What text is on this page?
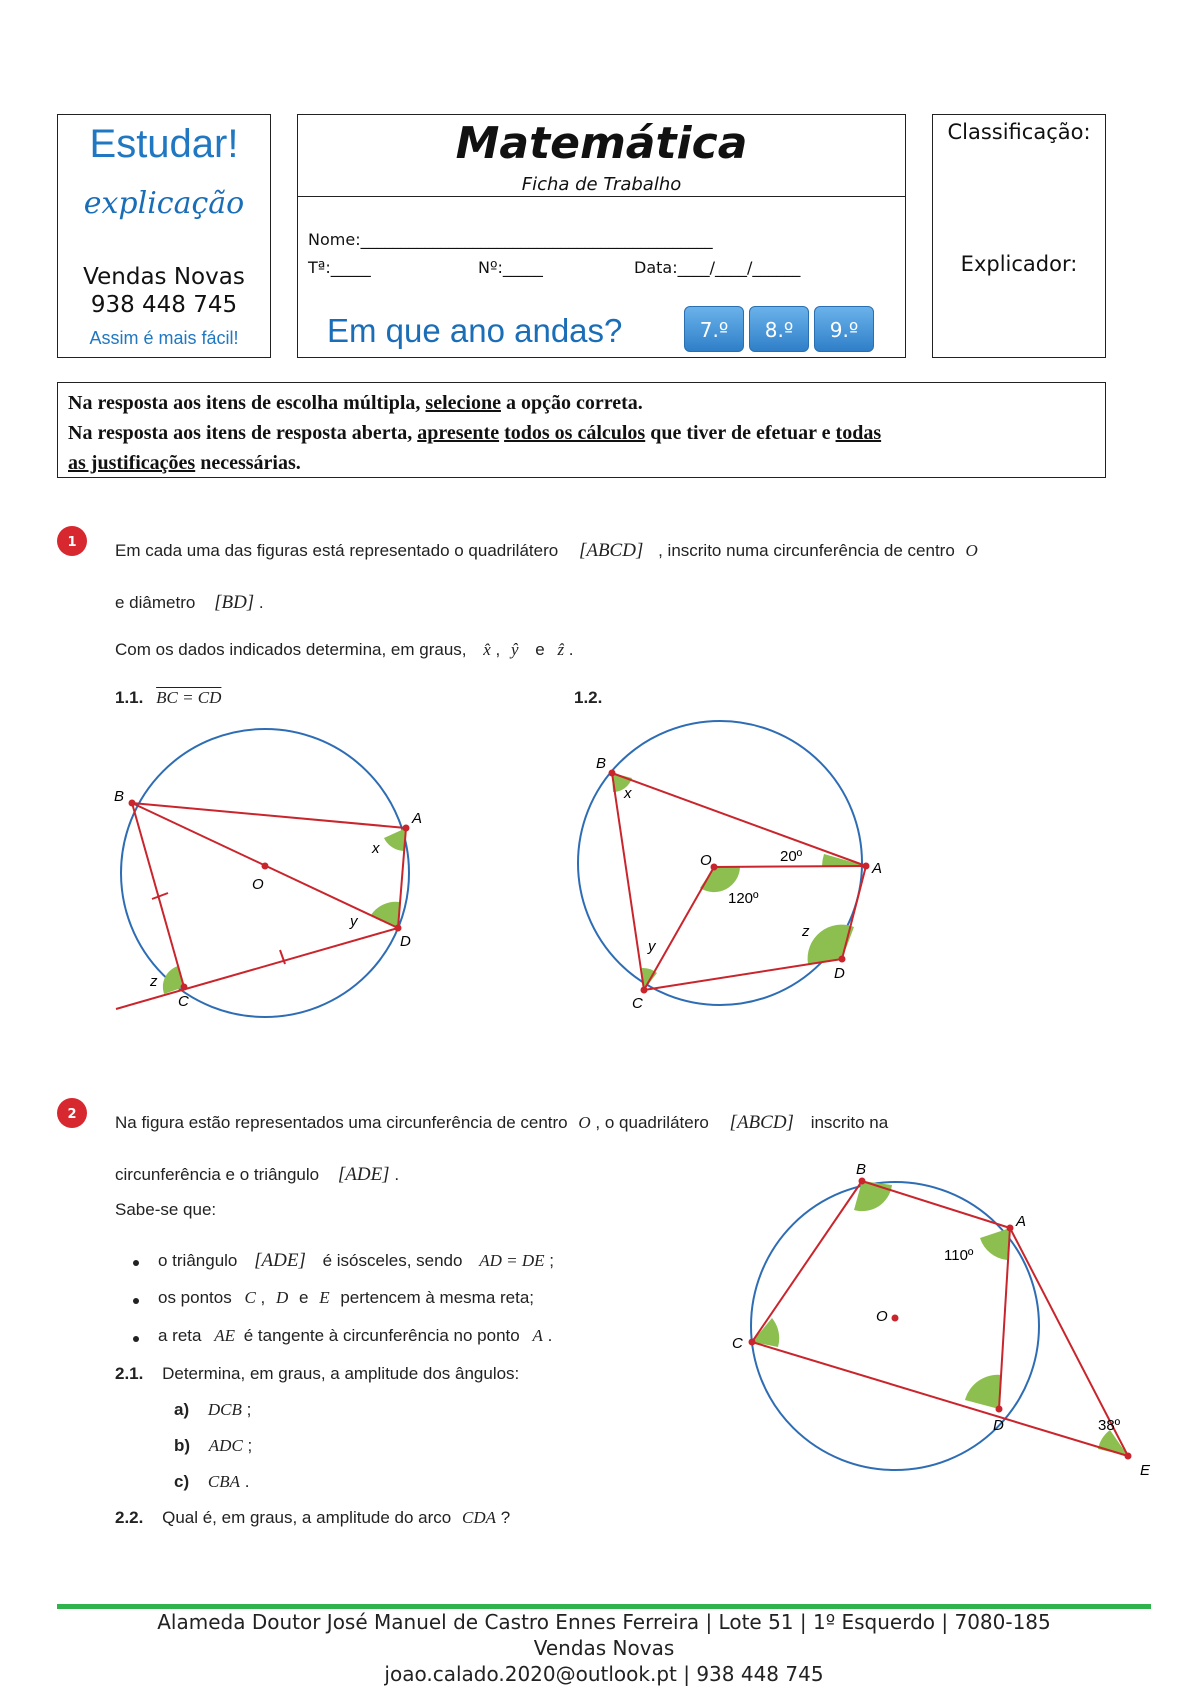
Estudar!
explicação
Vendas Novas
938 448 745
Assim é mais fácil!
Matemática
Ficha de Trabalho
Nome:____________________________________________
Tª:_____	Nº:_____	Data:____/____/______
Em que ano andas?	7.º	8.º	9.º
Classificação:
Explicador:
Na resposta aos itens de escolha múltipla, selecione a opção correta.
Na resposta aos itens de resposta aberta, apresente todos os cálculos que tiver de efetuar e todas
as justificações necessárias.
1	Em cada uma das figuras está representado o quadrilátero [ABCD] , inscrito numa circunferência de centro O
e diâmetro [BD] .
Com os dados indicados determina, em graus, x̂ , ŷ e ẑ .
1.1. BC = CD	1.2.
B
A
O
D
C
x
y
z
B
x
O	20º
A
120º
z
D
y
C
2	Na figura estão representados uma circunferência de centro O , o quadrilátero [ABCD] inscrito na
circunferência e o triângulo [ADE] .
Sabe-se que:
o triângulo [ADE] é isósceles, sendo AD = DE ;
os pontos C , D e E pertencem à mesma reta;
a reta AE é tangente à circunferência no ponto A .
2.1. Determina, em graus, a amplitude dos ângulos:
a) DCB ;
b) ADC ;
c) CBA .
2.2. Qual é, em graus, a amplitude do arco CDA ?
B
A
110º
O
C
D	38º
E
Alameda Doutor José Manuel de Castro Ennes Ferreira | Lote 51 | 1º Esquerdo | 7080-185
Vendas Novas
joao.calado.2020@outlook.pt | 938 448 745
